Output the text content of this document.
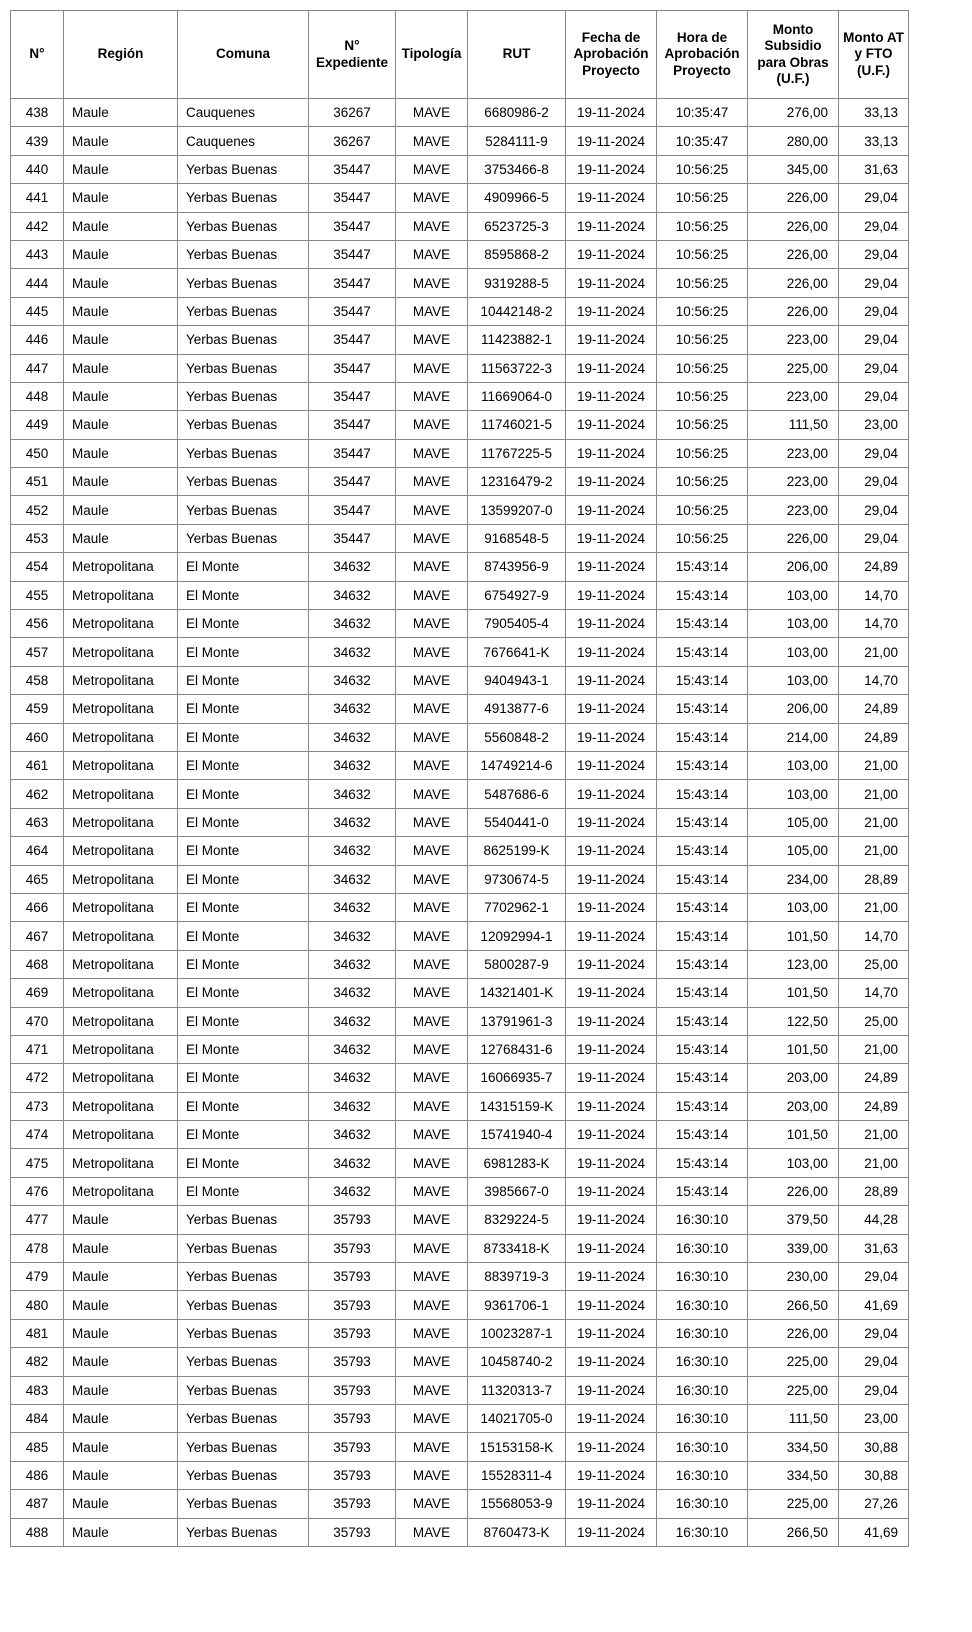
N°	Región	Comuna	N° Expediente	Tipología	RUT	Fecha de Aprobación Proyecto	Hora de Aprobación Proyecto	Monto Subsidio para Obras (U.F.)	Monto AT y FTO (U.F.)
438	Maule	Cauquenes	36267	MAVE	6680986-2	19-11-2024	10:35:47	276,00	33,13
439	Maule	Cauquenes	36267	MAVE	5284111-9	19-11-2024	10:35:47	280,00	33,13
440	Maule	Yerbas Buenas	35447	MAVE	3753466-8	19-11-2024	10:56:25	345,00	31,63
441	Maule	Yerbas Buenas	35447	MAVE	4909966-5	19-11-2024	10:56:25	226,00	29,04
442	Maule	Yerbas Buenas	35447	MAVE	6523725-3	19-11-2024	10:56:25	226,00	29,04
443	Maule	Yerbas Buenas	35447	MAVE	8595868-2	19-11-2024	10:56:25	226,00	29,04
444	Maule	Yerbas Buenas	35447	MAVE	9319288-5	19-11-2024	10:56:25	226,00	29,04
445	Maule	Yerbas Buenas	35447	MAVE	10442148-2	19-11-2024	10:56:25	226,00	29,04
446	Maule	Yerbas Buenas	35447	MAVE	11423882-1	19-11-2024	10:56:25	223,00	29,04
447	Maule	Yerbas Buenas	35447	MAVE	11563722-3	19-11-2024	10:56:25	225,00	29,04
448	Maule	Yerbas Buenas	35447	MAVE	11669064-0	19-11-2024	10:56:25	223,00	29,04
449	Maule	Yerbas Buenas	35447	MAVE	11746021-5	19-11-2024	10:56:25	111,50	23,00
450	Maule	Yerbas Buenas	35447	MAVE	11767225-5	19-11-2024	10:56:25	223,00	29,04
451	Maule	Yerbas Buenas	35447	MAVE	12316479-2	19-11-2024	10:56:25	223,00	29,04
452	Maule	Yerbas Buenas	35447	MAVE	13599207-0	19-11-2024	10:56:25	223,00	29,04
453	Maule	Yerbas Buenas	35447	MAVE	9168548-5	19-11-2024	10:56:25	226,00	29,04
454	Metropolitana	El Monte	34632	MAVE	8743956-9	19-11-2024	15:43:14	206,00	24,89
455	Metropolitana	El Monte	34632	MAVE	6754927-9	19-11-2024	15:43:14	103,00	14,70
456	Metropolitana	El Monte	34632	MAVE	7905405-4	19-11-2024	15:43:14	103,00	14,70
457	Metropolitana	El Monte	34632	MAVE	7676641-K	19-11-2024	15:43:14	103,00	21,00
458	Metropolitana	El Monte	34632	MAVE	9404943-1	19-11-2024	15:43:14	103,00	14,70
459	Metropolitana	El Monte	34632	MAVE	4913877-6	19-11-2024	15:43:14	206,00	24,89
460	Metropolitana	El Monte	34632	MAVE	5560848-2	19-11-2024	15:43:14	214,00	24,89
461	Metropolitana	El Monte	34632	MAVE	14749214-6	19-11-2024	15:43:14	103,00	21,00
462	Metropolitana	El Monte	34632	MAVE	5487686-6	19-11-2024	15:43:14	103,00	21,00
463	Metropolitana	El Monte	34632	MAVE	5540441-0	19-11-2024	15:43:14	105,00	21,00
464	Metropolitana	El Monte	34632	MAVE	8625199-K	19-11-2024	15:43:14	105,00	21,00
465	Metropolitana	El Monte	34632	MAVE	9730674-5	19-11-2024	15:43:14	234,00	28,89
466	Metropolitana	El Monte	34632	MAVE	7702962-1	19-11-2024	15:43:14	103,00	21,00
467	Metropolitana	El Monte	34632	MAVE	12092994-1	19-11-2024	15:43:14	101,50	14,70
468	Metropolitana	El Monte	34632	MAVE	5800287-9	19-11-2024	15:43:14	123,00	25,00
469	Metropolitana	El Monte	34632	MAVE	14321401-K	19-11-2024	15:43:14	101,50	14,70
470	Metropolitana	El Monte	34632	MAVE	13791961-3	19-11-2024	15:43:14	122,50	25,00
471	Metropolitana	El Monte	34632	MAVE	12768431-6	19-11-2024	15:43:14	101,50	21,00
472	Metropolitana	El Monte	34632	MAVE	16066935-7	19-11-2024	15:43:14	203,00	24,89
473	Metropolitana	El Monte	34632	MAVE	14315159-K	19-11-2024	15:43:14	203,00	24,89
474	Metropolitana	El Monte	34632	MAVE	15741940-4	19-11-2024	15:43:14	101,50	21,00
475	Metropolitana	El Monte	34632	MAVE	6981283-K	19-11-2024	15:43:14	103,00	21,00
476	Metropolitana	El Monte	34632	MAVE	3985667-0	19-11-2024	15:43:14	226,00	28,89
477	Maule	Yerbas Buenas	35793	MAVE	8329224-5	19-11-2024	16:30:10	379,50	44,28
478	Maule	Yerbas Buenas	35793	MAVE	8733418-K	19-11-2024	16:30:10	339,00	31,63
479	Maule	Yerbas Buenas	35793	MAVE	8839719-3	19-11-2024	16:30:10	230,00	29,04
480	Maule	Yerbas Buenas	35793	MAVE	9361706-1	19-11-2024	16:30:10	266,50	41,69
481	Maule	Yerbas Buenas	35793	MAVE	10023287-1	19-11-2024	16:30:10	226,00	29,04
482	Maule	Yerbas Buenas	35793	MAVE	10458740-2	19-11-2024	16:30:10	225,00	29,04
483	Maule	Yerbas Buenas	35793	MAVE	11320313-7	19-11-2024	16:30:10	225,00	29,04
484	Maule	Yerbas Buenas	35793	MAVE	14021705-0	19-11-2024	16:30:10	111,50	23,00
485	Maule	Yerbas Buenas	35793	MAVE	15153158-K	19-11-2024	16:30:10	334,50	30,88
486	Maule	Yerbas Buenas	35793	MAVE	15528311-4	19-11-2024	16:30:10	334,50	30,88
487	Maule	Yerbas Buenas	35793	MAVE	15568053-9	19-11-2024	16:30:10	225,00	27,26
488	Maule	Yerbas Buenas	35793	MAVE	8760473-K	19-11-2024	16:30:10	266,50	41,69
